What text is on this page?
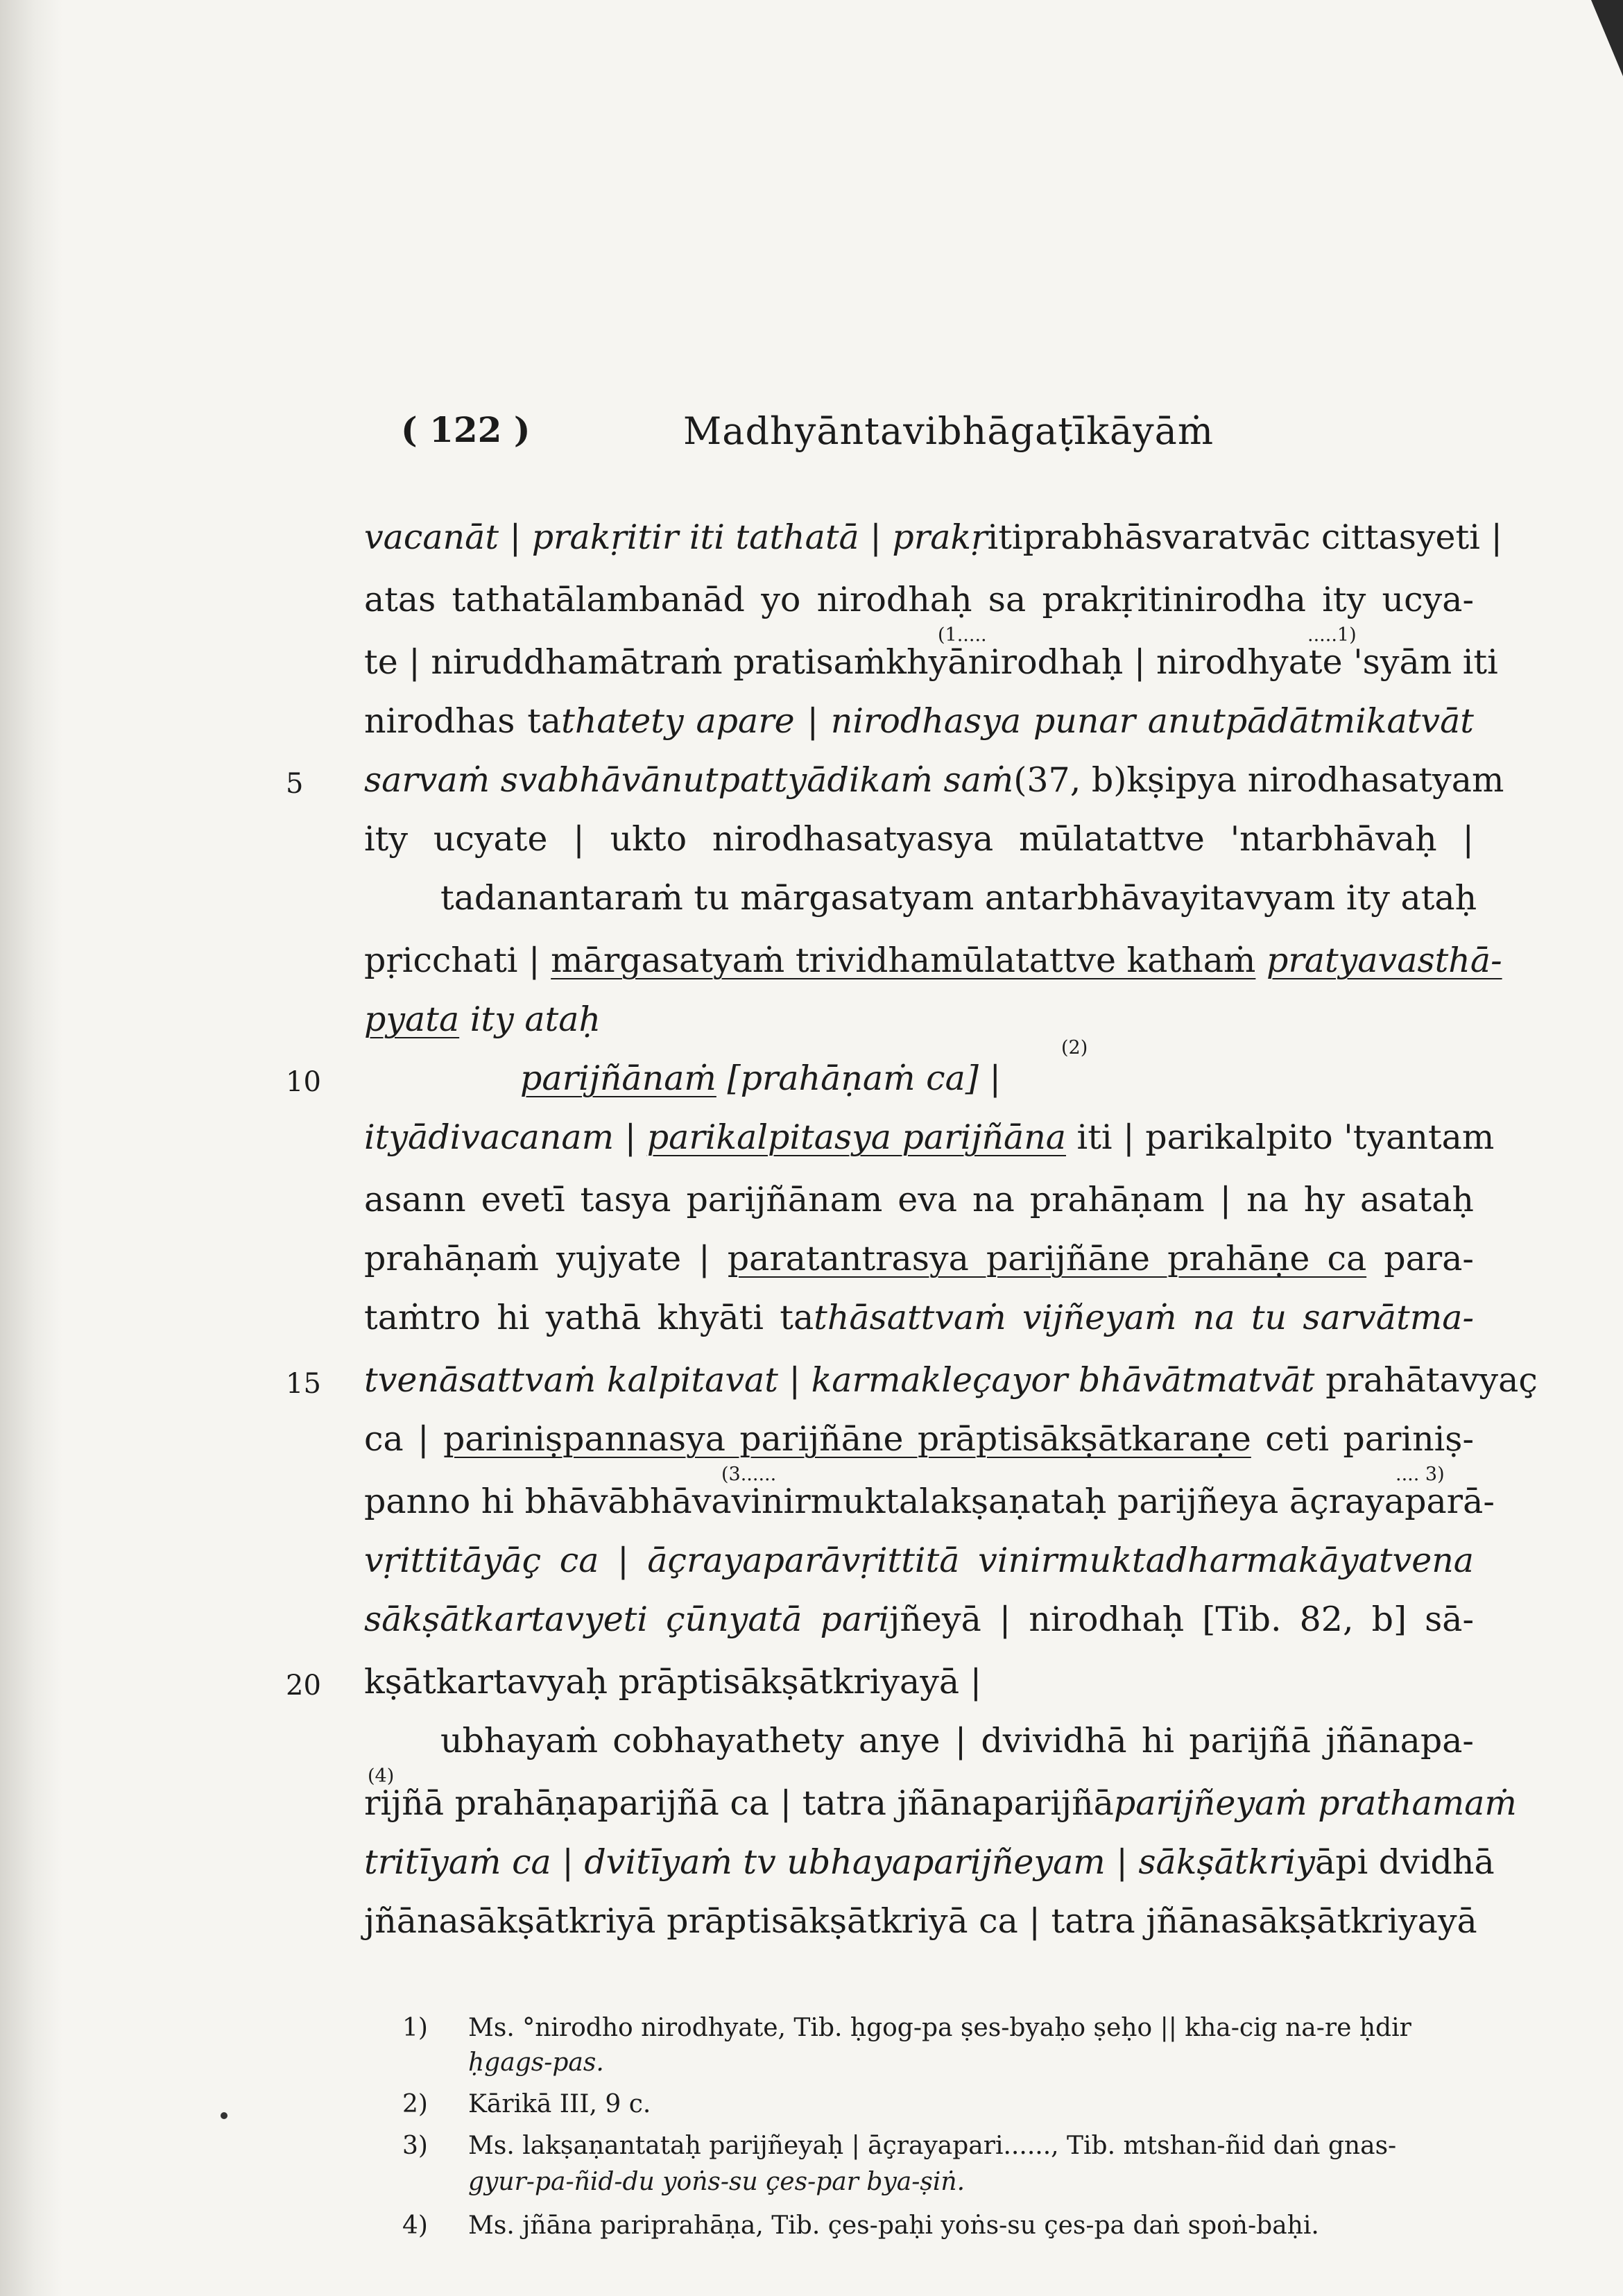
( 122 )	Madhyāntavibhāgaṭīkāyāṁ
vacanāt | prakṛitir iti tathatā | prakṛitiprabhāsvaratvāc cittasyeti |
atas tathatālambanād yo nirodhaḥ sa prakṛitinirodha ity ucya-
(1.....	.....1)
te | niruddhamātraṁ pratisaṁkhyānirodhaḥ | nirodhyate 'syām iti
nirodhas tathatety apare | nirodhasya punar anutpādātmikatvāt
5 sarvaṁ svabhāvānutpattyādikaṁ saṁ(37, b)kṣipya nirodhasatyam
ity ucyate | ukto nirodhasatyasya mūlatattve 'ntarbhāvaḥ |
tadanantaraṁ tu mārgasatyam antarbhāvayitavyam ity ataḥ
pṛicchati | mārgasatyaṁ trividhamūlatattve kathaṁ pratyavasthā-
pyata ity ataḥ
(2)
10	parijñānaṁ [prahāṇaṁ ca] |
ityādivacanam | parikalpitasya parijñāna iti | parikalpito 'tyantam
asann evetī tasya parijñānam eva na prahāṇam | na hy asataḥ
prahāṇaṁ yujyate | paratantrasya parijñāne prahāṇe ca para-
taṁtro hi yathā khyāti tathāsattvaṁ vijñeyaṁ na tu sarvātma-
15 tvenāsattvaṁ kalpitavat | karmakleçayor bhāvātmatvāt prahātavyaç
ca | pariniṣpannasya parijñāne prāptisākṣātkaraṇe ceti pariniṣ-
(3......	.... 3)
panno hi bhāvābhāvavinirmuktalakṣaṇataḥ parijñeya āçrayaparā-
vṛittitāyāç ca | āçrayaparāvṛittitā vinirmuktadharmakāyatvena
sākṣātkartavyeti çūnyatā parijñeyā | nirodhaḥ [Tib. 82, b] sā-
20 kṣātkartavyaḥ prāptisākṣātkriyayā |
ubhayaṁ cobhayathety anye | dvividhā hi parijñā jñānapa-
(4)
rijñā prahāṇaparijñā ca | tatra jñānaparijñāparijñeyaṁ prathamaṁ
tritīyaṁ ca | dvitīyaṁ tv ubhayaparijñeyam | sākṣātkriyāpi dvidhā
jñānasākṣātkriyā prāptisākṣātkriyā ca | tatra jñānasākṣātkriyayā
1) Ms. °nirodho nirodhyate, Tib. ḥgog-pa ṣes-byaḥo ṣeḥo || kha-cig na-re ḥdir
ḥgags-pas.
2) Kārikā III, 9 c.
3) Ms. lakṣaṇantataḥ parijñeyaḥ | āçrayapari......, Tib. mtshan-ñid daṅ gnas-
gyur-pa-ñid-du yoṅs-su çes-par bya-ṣiṅ.
4) Ms. jñāna pariprahāṇa, Tib. çes-paḥi yoṅs-su çes-pa daṅ spoṅ-baḥi.
